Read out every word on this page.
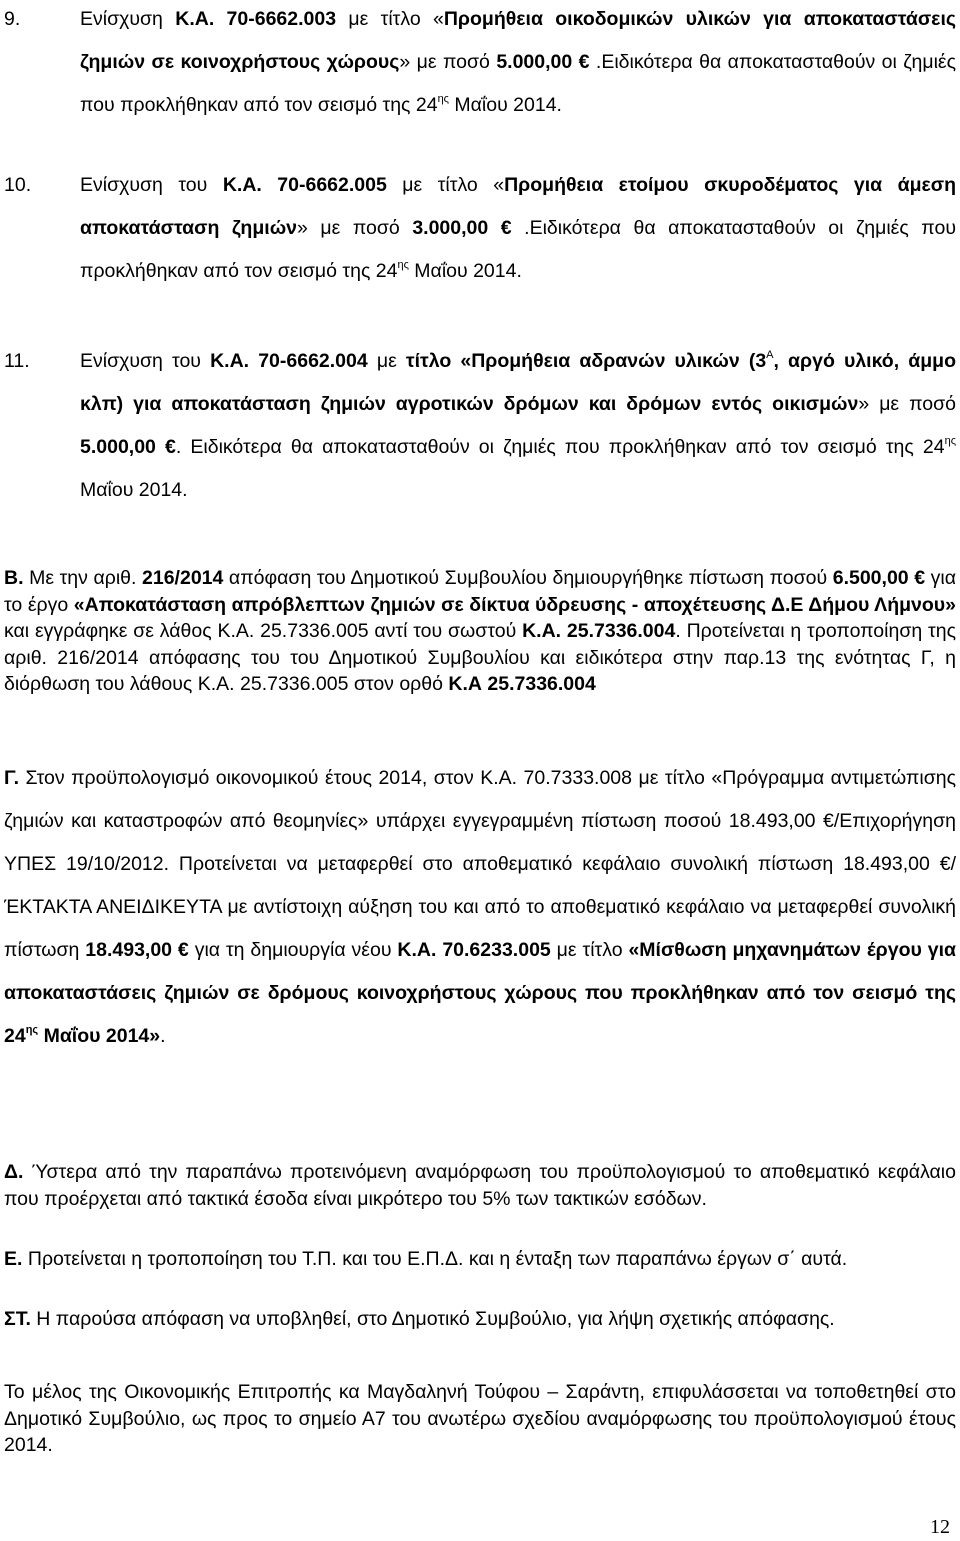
9.	Ενίσχυση Κ.Α. 70-6662.003 με τίτλο «Προμήθεια οικοδομικών υλικών για αποκαταστάσεις ζημιών σε κοινοχρήστους χώρους» με ποσό 5.000,00 € .Ειδικότερα θα αποκατασταθούν οι ζημιές που προκλήθηκαν από τον σεισμό της $24^{\eta\varsigma}$ Μαΐου 2014.
10.	Ενίσχυση του Κ.Α. 70-6662.005 με τίτλο «Προμήθεια ετοίμου σκυροδέματος για άμεση αποκατάσταση ζημιών» με ποσό 3.000,00 € .Ειδικότερα θα αποκατασταθούν οι ζημιές που προκλήθηκαν από τον σεισμό της $24^{\eta\varsigma}$ Μαΐου 2014.
11.	Ενίσχυση του Κ.Α. 70-6662.004 με τίτλο «Προμήθεια αδρανών υλικών ($3^A$, αργό υλικό, άμμο κλπ) για αποκατάσταση ζημιών αγροτικών δρόμων και δρόμων εντός οικισμών» με ποσό 5.000,00 €. Ειδικότερα θα αποκατασταθούν οι ζημιές που προκλήθηκαν από τον σεισμό της $24^{\eta\varsigma}$ Μαΐου 2014.
Β. Με την αριθ. 216/2014 απόφαση του Δημοτικού Συμβουλίου δημιουργήθηκε πίστωση ποσού 6.500,00 € για το έργο «Αποκατάσταση απρόβλεπτων ζημιών σε δίκτυα ύδρευσης - αποχέτευσης Δ.Ε Δήμου Λήμνου» και εγγράφηκε σε λάθος Κ.Α. 25.7336.005 αντί του σωστού Κ.Α. 25.7336.004. Προτείνεται η τροποποίηση της αριθ. 216/2014 απόφασης του του Δημοτικού Συμβουλίου και ειδικότερα στην παρ.13 της ενότητας Γ, η διόρθωση του λάθους Κ.Α. 25.7336.005 στον ορθό Κ.Α 25.7336.004
Γ. Στον προϋπολογισμό οικονομικού έτους 2014, στον Κ.Α. 70.7333.008 με τίτλο «Πρόγραμμα αντιμετώπισης ζημιών και καταστροφών από θεομηνίες» υπάρχει εγγεγραμμένη πίστωση ποσού 18.493,00 €/Επιχορήγηση ΥΠΕΣ 19/10/2012. Προτείνεται να μεταφερθεί στο αποθεματικό κεφάλαιο συνολική πίστωση 18.493,00 €/ΈΚΤΑΚΤΑ ΑΝΕΙΔΙΚΕΥΤΑ με αντίστοιχη αύξηση του και από το αποθεματικό κεφάλαιο να μεταφερθεί συνολική πίστωση 18.493,00 € για τη δημιουργία νέου Κ.Α. 70.6233.005 με τίτλο «Μίσθωση μηχανημάτων έργου για αποκαταστάσεις ζημιών σε δρόμους κοινοχρήστους χώρους που προκλήθηκαν από τον σεισμό της $24^{\eta\varsigma}$ Μαΐου 2014».
Δ. Ύστερα από την παραπάνω προτεινόμενη αναμόρφωση του προϋπολογισμού το αποθεματικό κεφάλαιο που προέρχεται από τακτικά έσοδα είναι μικρότερο του 5% των τακτικών εσόδων.
Ε. Προτείνεται η τροποποίηση του Τ.Π. και του Ε.Π.Δ. και η ένταξη των παραπάνω έργων σ΄ αυτά.
ΣΤ. Η παρούσα απόφαση να υποβληθεί, στο Δημοτικό Συμβούλιο, για λήψη σχετικής απόφασης.
Το μέλος της Οικονομικής Επιτροπής κα Μαγδαληνή Τούφου – Σαράντη, επιφυλάσσεται να τοποθετηθεί στο Δημοτικό Συμβούλιο, ως προς το σημείο Α7 του ανωτέρω σχεδίου αναμόρφωσης του προϋπολογισμού έτους 2014.
12
